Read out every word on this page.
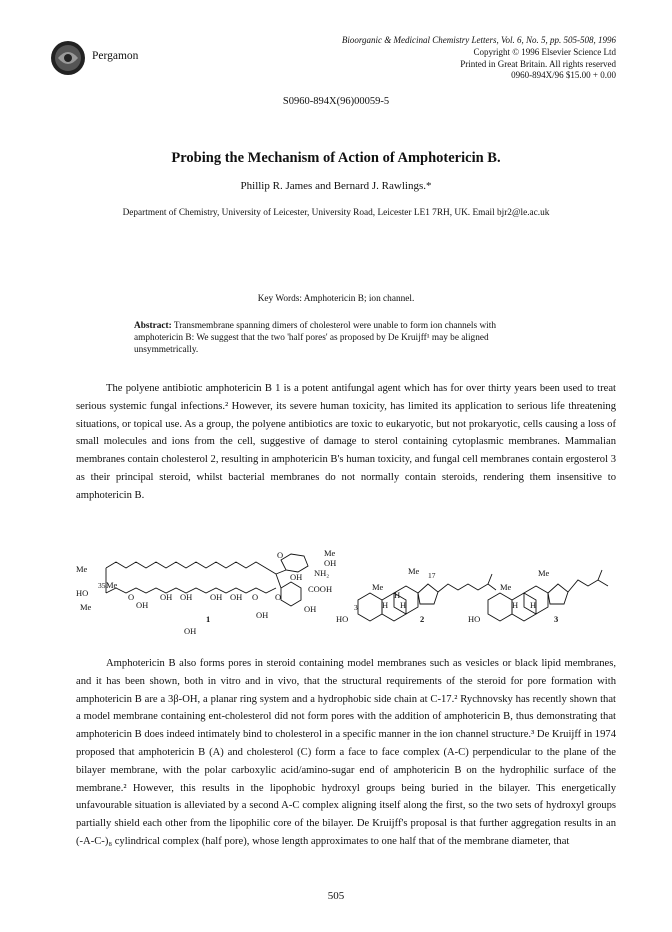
Pergamon
Bioorganic & Medicinal Chemistry Letters, Vol. 6, No. 5, pp. 505-508, 1996
Copyright © 1996 Elsevier Science Ltd
Printed in Great Britain. All rights reserved
0960-894X/96 $15.00 + 0.00
S0960-894X(96)00059-5
Probing the Mechanism of Action of Amphotericin B.
Phillip R. James and Bernard J. Rawlings.*
Department of Chemistry, University of Leicester, University Road, Leicester LE1 7RH, UK. Email bjr2@le.ac.uk
Key Words: Amphotericin B; ion channel.
Abstract: Transmembrane spanning dimers of cholesterol were unable to form ion channels with amphotericin B: We suggest that the two 'half pores' as proposed by De Kruijff¹ may be aligned unsymmetrically.

The polyene antibiotic amphotericin B 1 is a potent antifungal agent which has for over thirty years been used to treat serious systemic fungal infections.² However, its severe human toxicity, has limited its application to serious life threatening situations, or topical use. As a group, the polyene antibiotics are toxic to eukaryotic, but not prokaryotic, cells causing a loss of small molecules and ions from the cell, suggestive of damage to sterol containing cytoplasmic membranes. Mammalian membranes contain cholesterol 2, resulting in amphotericin B's human toxicity, and fungal cell membranes contain ergosterol 3 as their principal steroid, whilst bacterial membranes do not normally contain steroids, rendering them insensitive to amphotericin B.

Me
Me
OH
NH₂
O
OH
COOH
O
35 Me
HO
Me
O	OH OH OH OH O
OH
OH
OH
OH
1
Me 17
Me
H
H H
3
HO	2
Me
Me
H H
HO	3

Amphotericin B also forms pores in steroid containing model membranes such as vesicles or black lipid membranes, and it has been shown, both in vitro and in vivo, that the structural requirements of the steroid for pore formation with amphotericin B are a 3β-OH, a planar ring system and a hydrophobic side chain at C-17.² Rychnovsky has recently shown that a model membrane containing ent-cholesterol did not form pores with the addition of amphotericin B, thus demonstrating that amphotericin B does indeed intimately bind to cholesterol in a specific manner in the ion channel structure.³ De Kruijff in 1974 proposed that amphotericin B (A) and cholesterol (C) form a face to face complex (A-C) perpendicular to the plane of the bilayer membrane, with the polar carboxylic acid/amino-sugar end of amphotericin B on the hydrophilic surface of the membrane.² However, this results in the lipophobic hydroxyl groups being buried in the bilayer. This energetically unfavourable situation is alleviated by a second A-C complex aligning itself along the first, so the two sets of hydroxyl groups partially shield each other from the lipophilic core of the bilayer. De Kruijff's proposal is that further aggregation results in an (-A-C-)₈ cylindrical complex (half pore), whose length approximates to one half that of the membrane diameter, that

505
